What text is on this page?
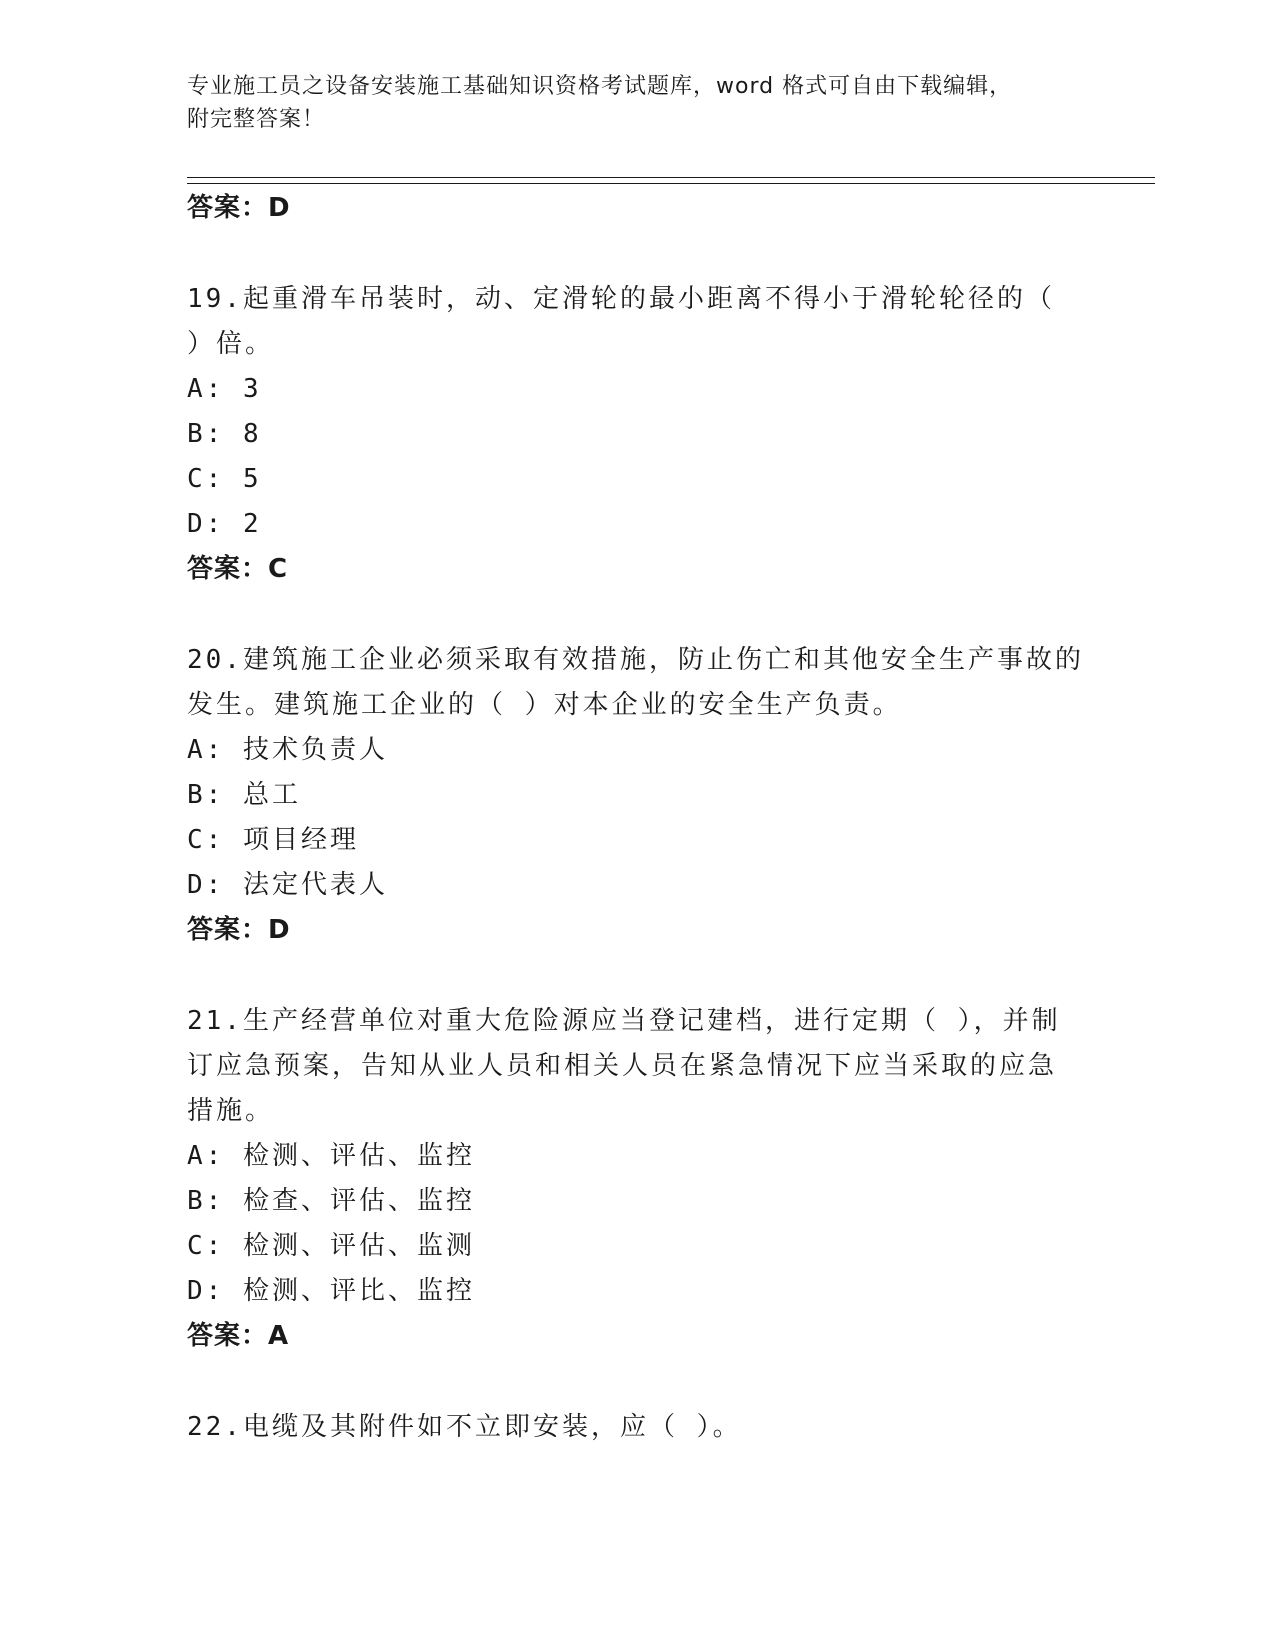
专业施工员之设备安装施工基础知识资格考试题库，word 格式可自由下载编辑，
附完整答案！
答案：D
19.起重滑车吊装时，动、定滑轮的最小距离不得小于滑轮轮径的（
）倍。
A: 3
B: 8
C: 5
D: 2
答案：C
20.建筑施工企业必须采取有效措施，防止伤亡和其他安全生产事故的
发生。建筑施工企业的（ ）对本企业的安全生产负责。
A: 技术负责人
B: 总工
C: 项目经理
D: 法定代表人
答案：D
21.生产经营单位对重大危险源应当登记建档，进行定期（ ），并制
订应急预案，告知从业人员和相关人员在紧急情况下应当采取的应急
措施。
A: 检测、评估、监控
B: 检查、评估、监控
C: 检测、评估、监测
D: 检测、评比、监控
答案：A
22.电缆及其附件如不立即安装，应（ ）。
